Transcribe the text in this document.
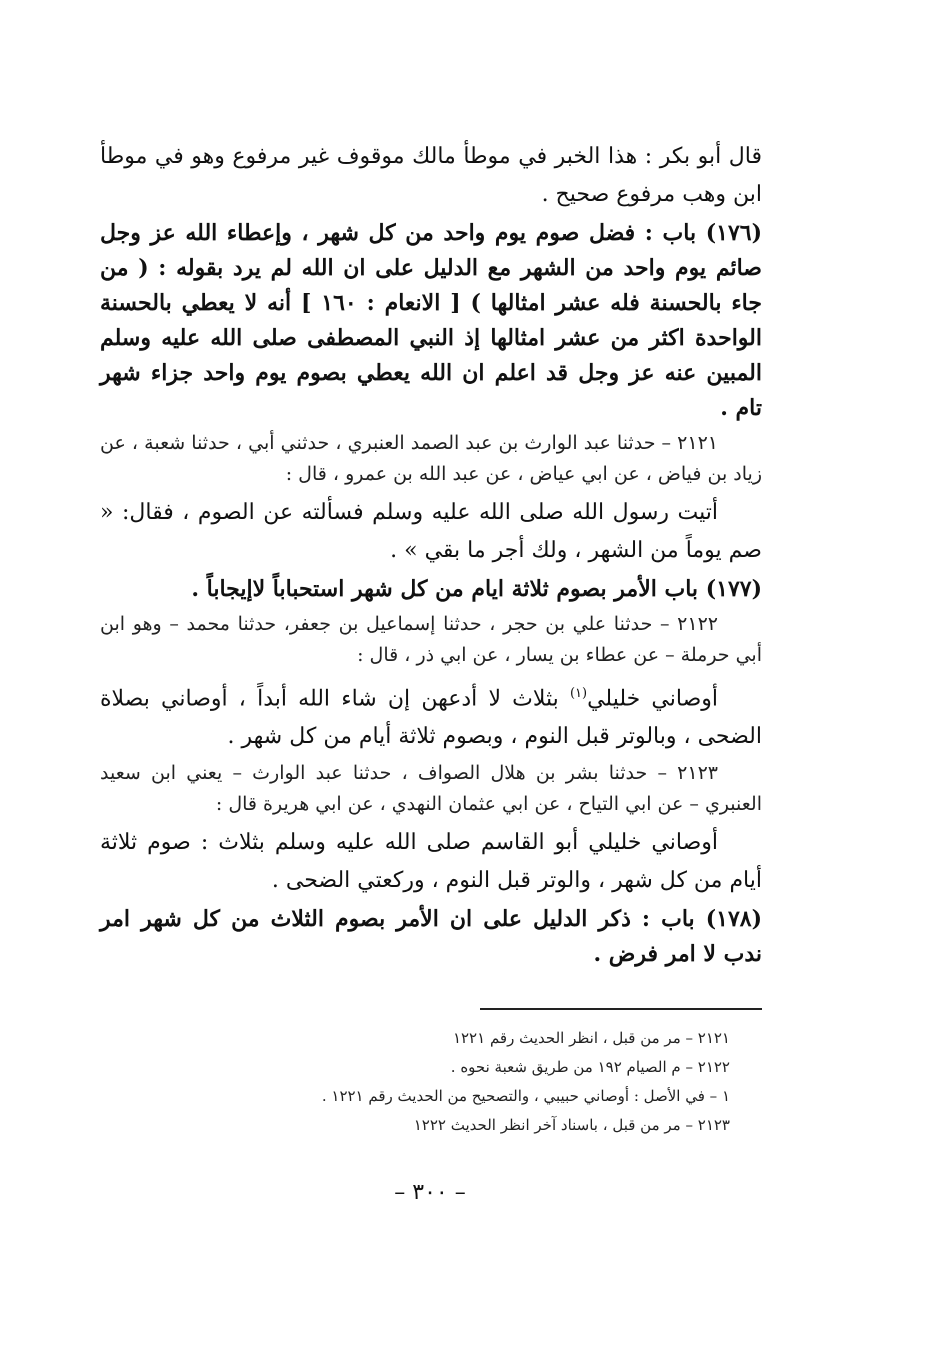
قال أبو بكر : هذا الخبر في موطأ مالك موقوف غير مرفوع وهو في موطأ ابن وهب مرفوع صحيح .

(١٧٦) باب : فضل صوم يوم واحد من كل شهر ، وإعطاء الله عز وجل صائم يوم واحد من الشهر مع الدليل على ان الله لم يرد بقوله : ( من جاء بالحسنة فله عشر امثالها ) [ الانعام : ١٦٠ ] أنه لا يعطي بالحسنة الواحدة اكثر من عشر امثالها إذ النبي المصطفى صلى الله عليه وسلم المبين عنه عز وجل قد اعلم ان الله يعطي بصوم يوم واحد جزاء شهر تام .

٢١٢١ – حدثنا عبد الوارث بن عبد الصمد العنبري ، حدثني أبي ، حدثنا شعبة ، عن زياد بن فياض ، عن ابي عياض ، عن عبد الله بن عمرو ، قال :

أتيت رسول الله صلى الله عليه وسلم فسألته عن الصوم ، فقال: « صم يوماً من الشهر ، ولك أجر ما بقي » .

(١٧٧) باب الأمر بصوم ثلاثة ايام من كل شهر استحباباً لاإيجاباً .

٢١٢٢ – حدثنا علي بن حجر ، حدثنا إسماعيل بن جعفر، حدثنا محمد – وهو ابن أبي حرملة – عن عطاء بن يسار ، عن ابي ذر ، قال :

أوصاني خليلي$^{(١)}$ بثلاث لا أدعهن إن شاء الله أبداً ، أوصاني بصلاة الضحى ، وبالوتر قبل النوم ، وبصوم ثلاثة أيام من كل شهر .

٢١٢٣ – حدثنا بشر بن هلال الصواف ، حدثنا عبد الوارث – يعني ابن سعيد العنبري – عن ابي التياح ، عن ابي عثمان النهدي ، عن ابي هريرة قال :

أوصاني خليلي أبو القاسم صلى الله عليه وسلم بثلاث : صوم ثلاثة أيام من كل شهر ، والوتر قبل النوم ، وركعتي الضحى .

(١٧٨) باب : ذكر الدليل على ان الأمر بصوم الثلاث من كل شهر امر ندب لا امر فرض .

٢١٢١ – مر من قبل ، انظر الحديث رقم ١٢٢١

٢١٢٢ – م الصيام ١٩٢ من طريق شعبة نحوه .

١ – في الأصل : أوصاني حبيبي ، والتصحيح من الحديث رقم ١٢٢١ .

٢١٢٣ – مر من قبل ، باسناد آخر انظر الحديث ١٢٢٢

– ٣٠٠ –
